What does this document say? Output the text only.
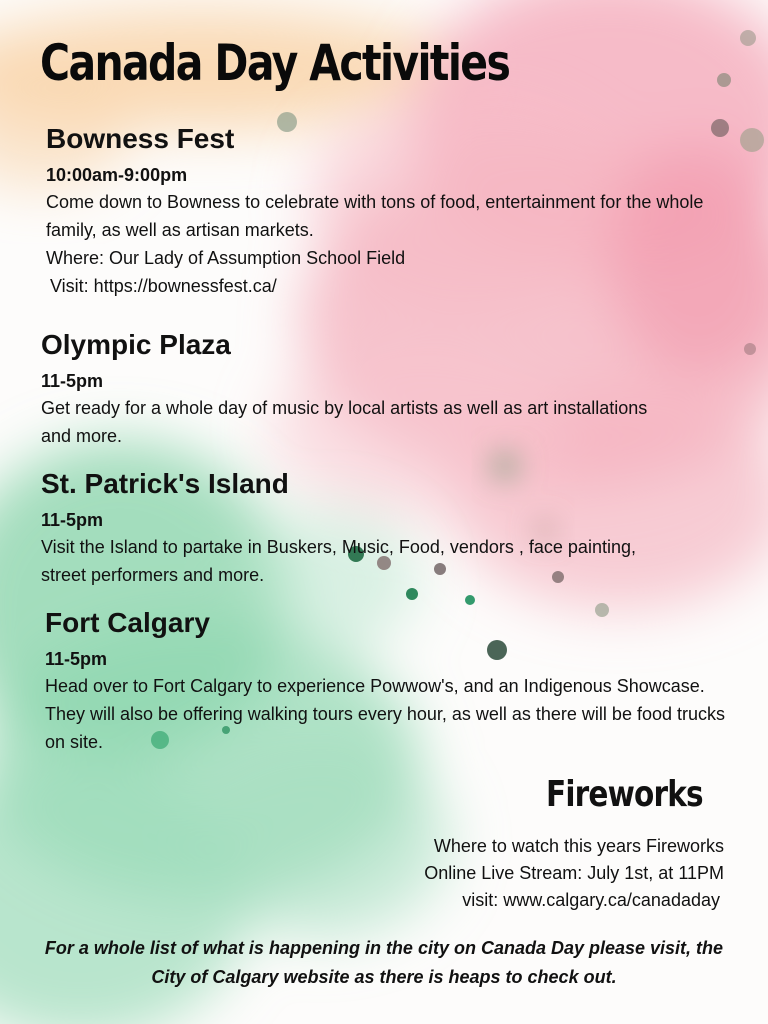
Canada Day Activities
Bowness Fest

10:00am-9:00pm

Come down to Bowness to celebrate with tons of food, entertainment for the whole family, as well as artisan markets.

Where: Our Lady of Assumption School Field

Visit: https://bownessfest.ca/

Olympic Plaza

11-5pm

Get ready for a whole day of music by local artists as well as art installations and more.

St. Patrick's Island

11-5pm

Visit the Island to partake in Buskers, Music, Food, vendors , face painting, street performers and more.

Fort Calgary

11-5pm

Head over to Fort Calgary to experience Powwow's, and an Indigenous Showcase. They will also be offering walking tours every hour, as well as there will be food trucks on site.

Fireworks

Where to watch this years Fireworks

Online Live Stream: July 1st, at 11PM

visit: www.calgary.ca/canadaday

For a whole list of what is happening in the city on Canada Day please visit, the City of Calgary website as there is heaps to check out.
